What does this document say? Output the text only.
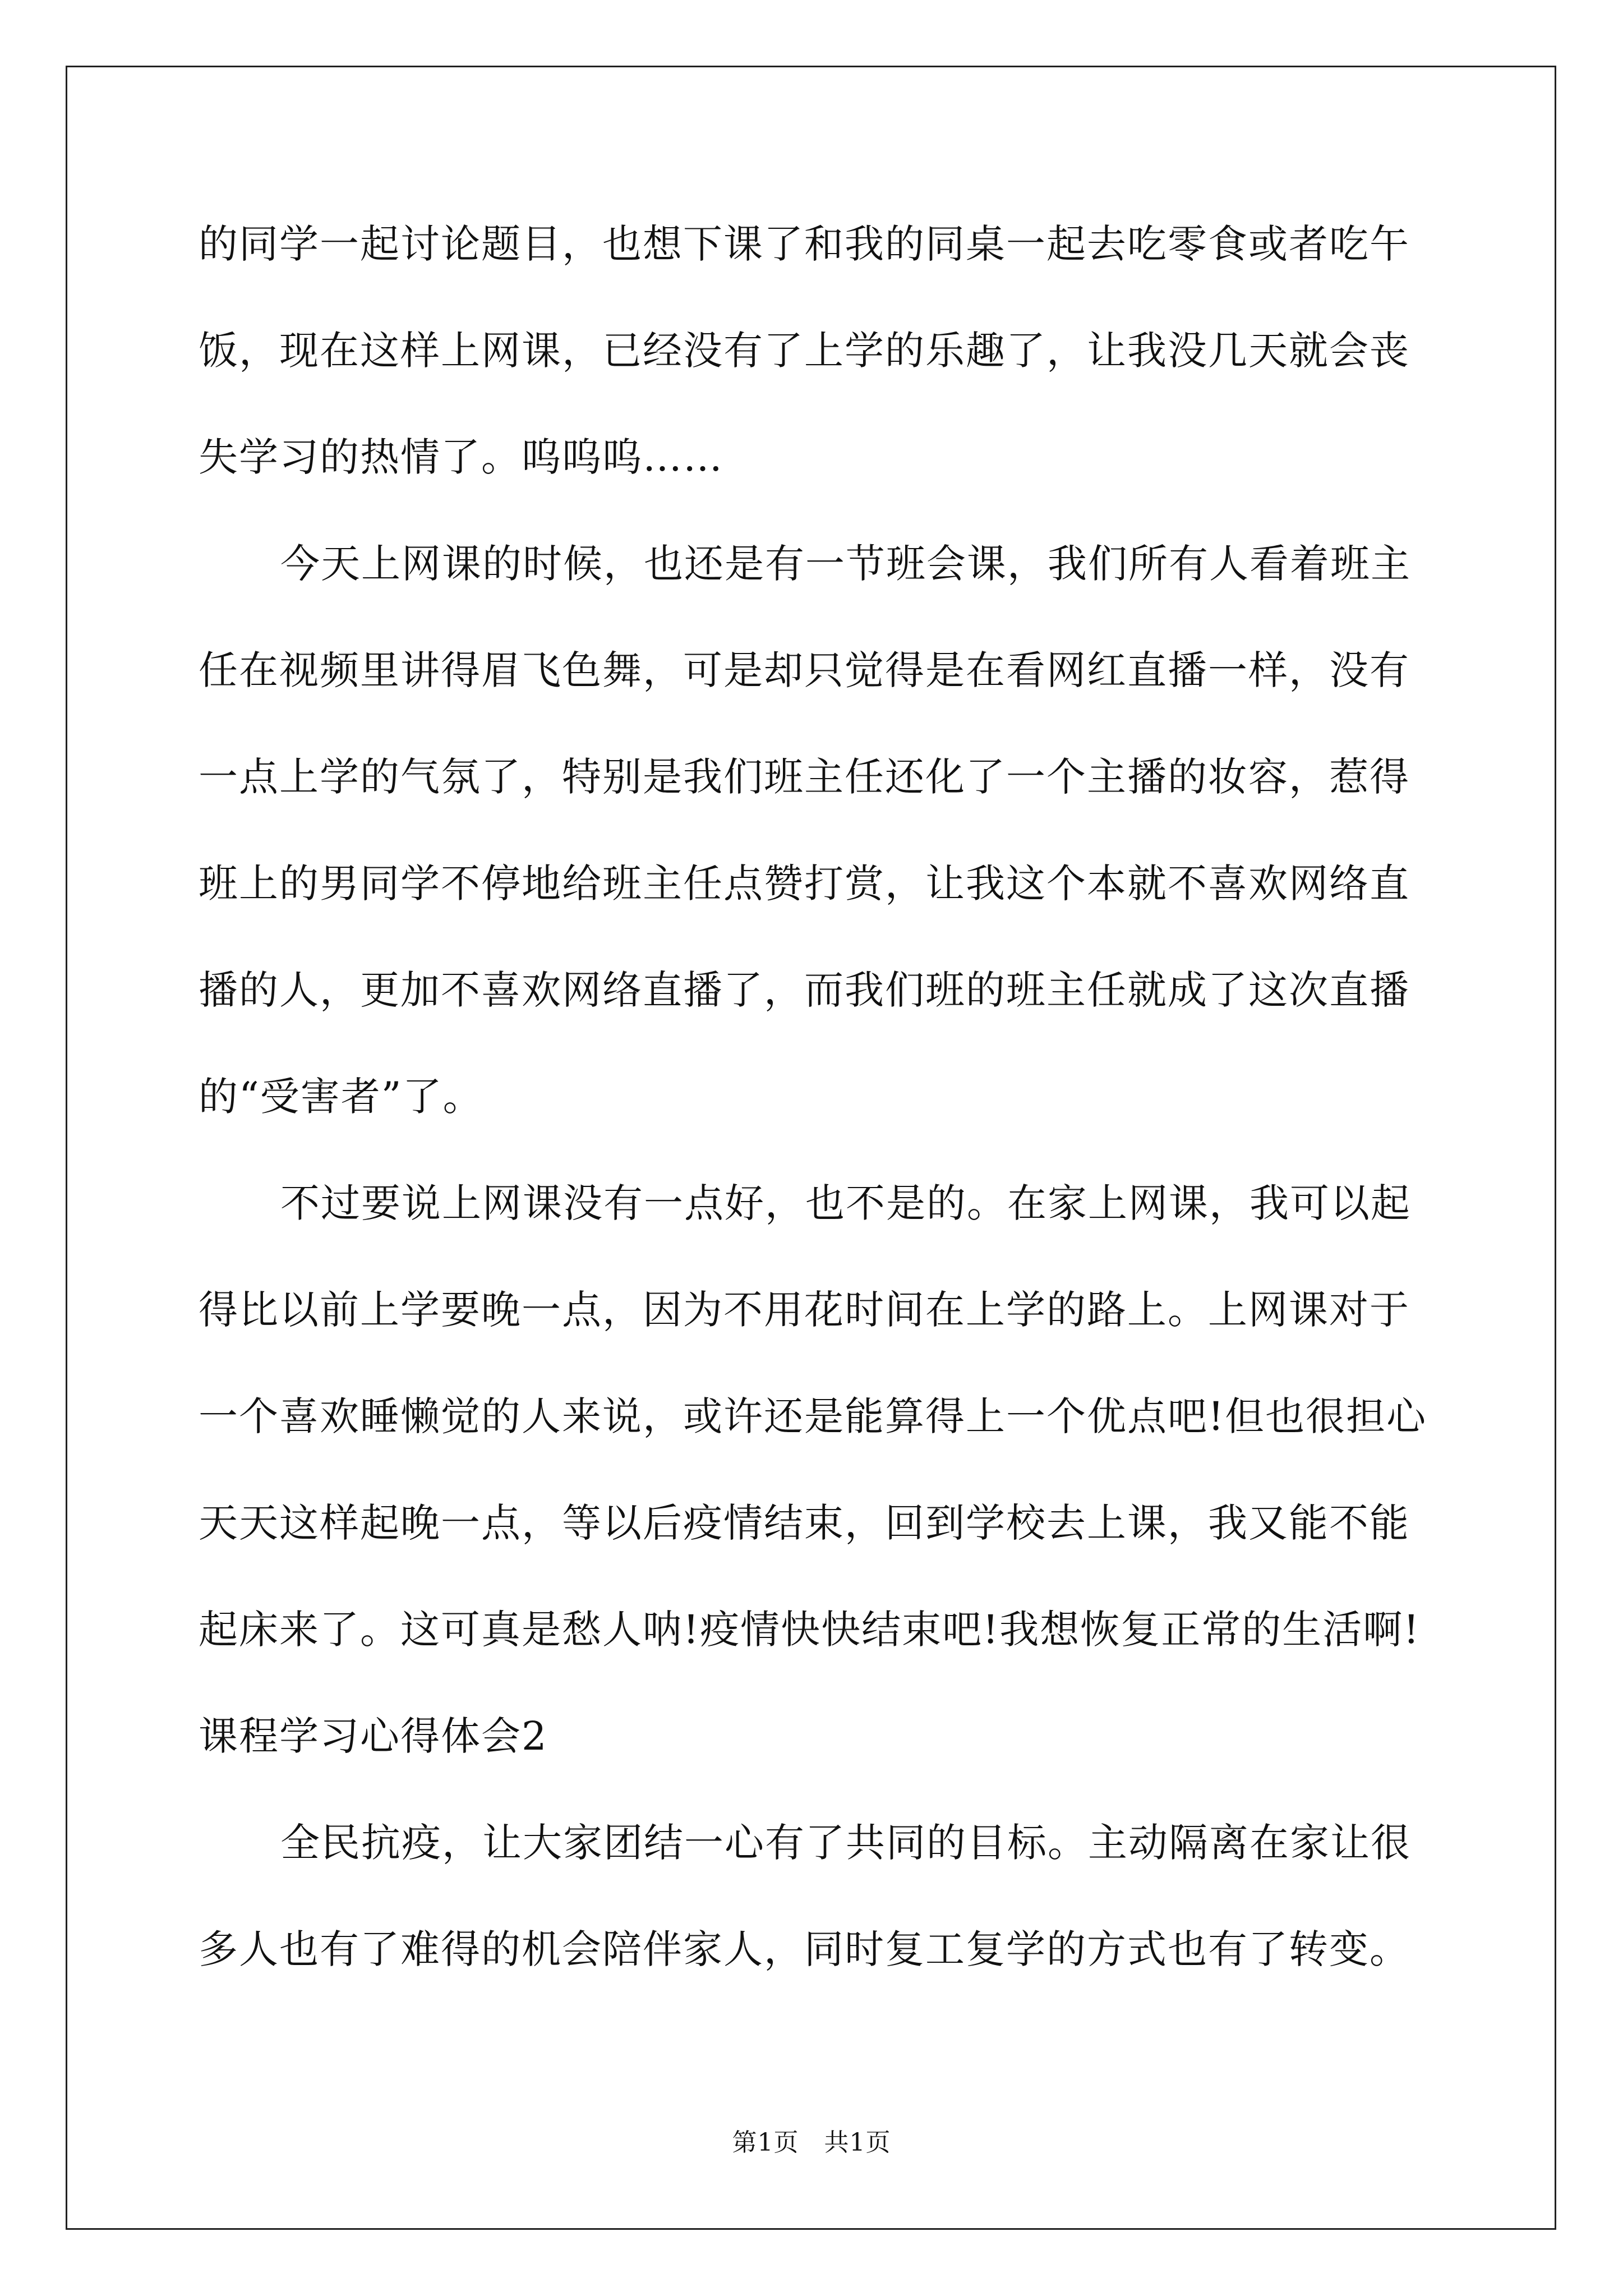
的同学一起讨论题目，也想下课了和我的同桌一起去吃零食或者吃午
饭，现在这样上网课，已经没有了上学的乐趣了，让我没几天就会丧
失学习的热情了。呜呜呜……
今天上网课的时候，也还是有一节班会课，我们所有人看着班主
任在视频里讲得眉飞色舞，可是却只觉得是在看网红直播一样，没有
一点上学的气氛了，特别是我们班主任还化了一个主播的妆容，惹得
班上的男同学不停地给班主任点赞打赏，让我这个本就不喜欢网络直
播的人，更加不喜欢网络直播了，而我们班的班主任就成了这次直播
的“受害者”了。
不过要说上网课没有一点好，也不是的。在家上网课，我可以起
得比以前上学要晚一点，因为不用花时间在上学的路上。上网课对于
一个喜欢睡懒觉的人来说，或许还是能算得上一个优点吧!但也很担心
天天这样起晚一点，等以后疫情结束，回到学校去上课，我又能不能
起床来了。这可真是愁人呐!疫情快快结束吧!我想恢复正常的生活啊!
课程学习心得体会2
全民抗疫，让大家团结一心有了共同的目标。主动隔离在家让很
多人也有了难得的机会陪伴家人，同时复工复学的方式也有了转变。
第1页   共1页
